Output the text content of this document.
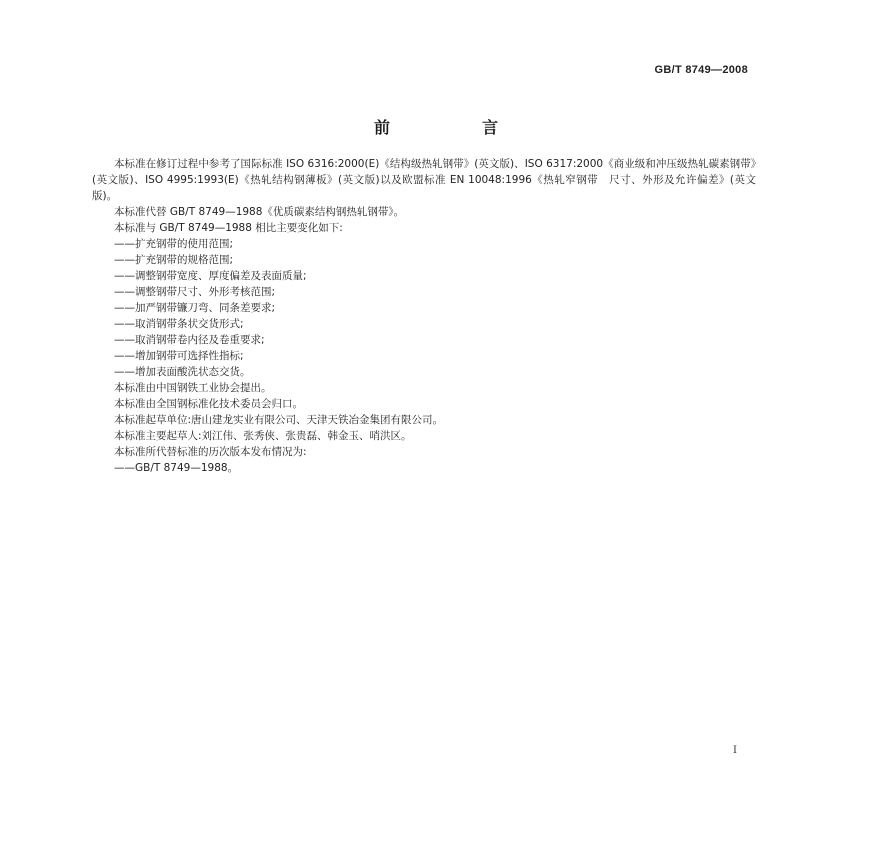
GB/T 8749—2008
前　言

本标准在修订过程中参考了国际标准 ISO 6316:2000(E)《结构级热轧钢带》(英文版)、ISO 6317:2000《商业级和冲压级热轧碳素钢带》(英文版)、ISO 4995:1993(E)《热轧结构钢薄板》(英文版)以及欧盟标准 EN 10048:1996《热轧窄钢带　尺寸、外形及允许偏差》(英文版)。

本标准代替 GB/T 8749—1988《优质碳素结构钢热轧钢带》。

本标准与 GB/T 8749—1988 相比主要变化如下:

——扩充钢带的使用范围;

——扩充钢带的规格范围;

——调整钢带宽度、厚度偏差及表面质量;

——调整钢带尺寸、外形考核范围;

——加严钢带镰刀弯、同条差要求;

——取消钢带条状交货形式;

——取消钢带卷内径及卷重要求;

——增加钢带可选择性指标;

——增加表面酸洗状态交货。

本标准由中国钢铁工业协会提出。

本标准由全国钢标准化技术委员会归口。

本标准起草单位:唐山建龙实业有限公司、天津天铁冶金集团有限公司。

本标准主要起草人:刘江伟、张秀俠、张贵磊、韩金玉、哨洪区。

本标准所代替标准的历次版本发布情况为:

——GB/T 8749—1988。

I
